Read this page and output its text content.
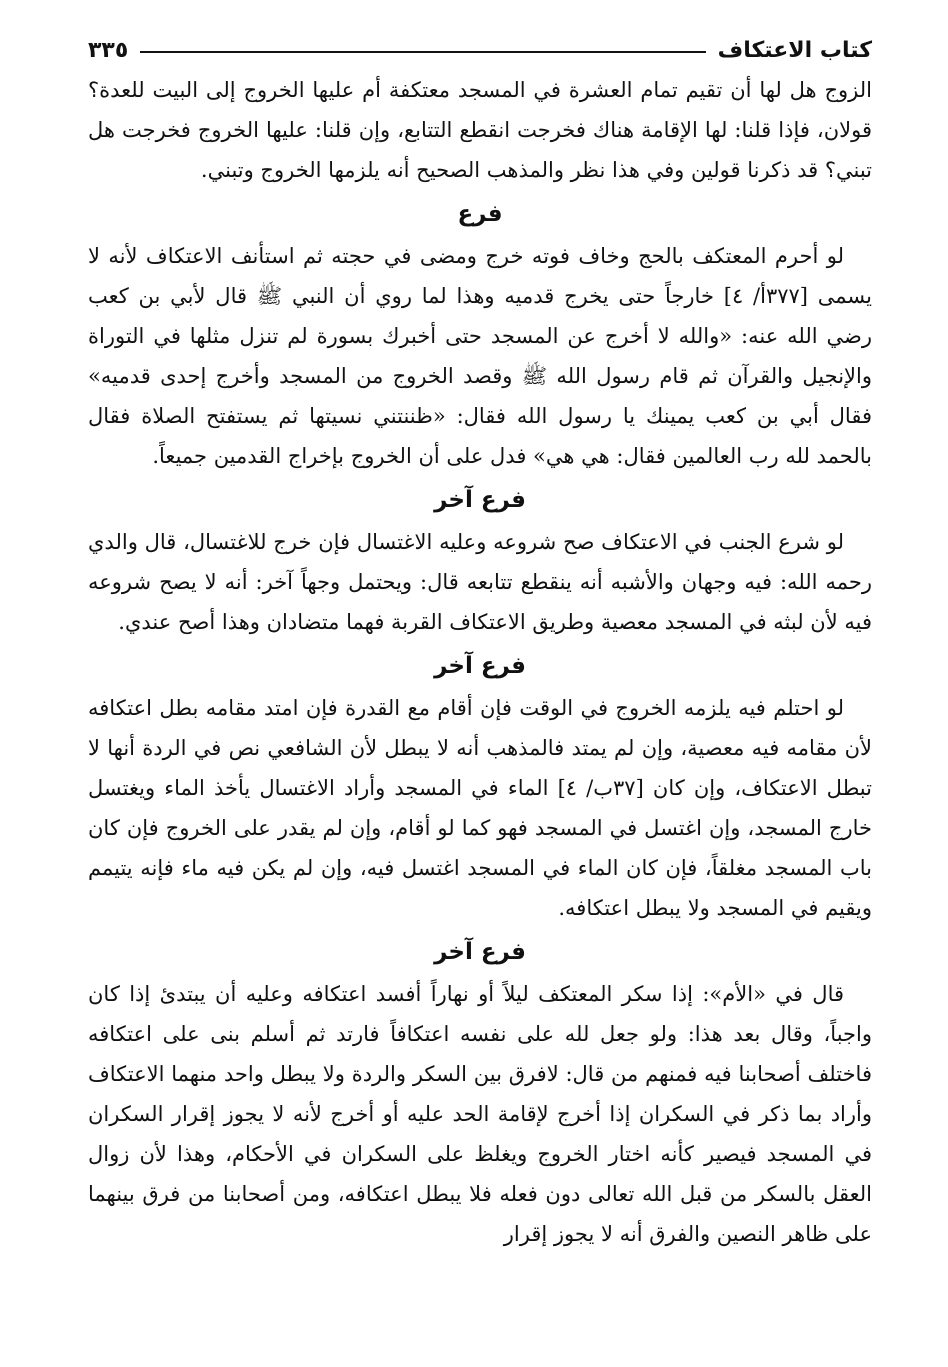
كتاب الاعتكاف
٣٣٥

الزوج هل لها أن تقيم تمام العشرة في المسجد معتكفة أم عليها الخروج إلى البيت للعدة؟ قولان، فإذا قلنا: لها الإقامة هناك فخرجت انقطع التتابع، وإن قلنا: عليها الخروج فخرجت هل تبني؟ قد ذكرنا قولين وفي هذا نظر والمذهب الصحيح أنه يلزمها الخروج وتبني.

فرع

لو أحرم المعتكف بالحج وخاف فوته خرج ومضى في حجته ثم استأنف الاعتكاف لأنه لا يسمى [٣٧٧أ/ ٤] خارجاً حتى يخرج قدميه وهذا لما روي أن النبي ﷺ قال لأبي بن كعب رضي الله عنه: «والله لا أخرج عن المسجد حتى أخبرك بسورة لم تنزل مثلها في التوراة والإنجيل والقرآن ثم قام رسول الله ﷺ وقصد الخروج من المسجد وأخرج إحدى قدميه» فقال أبي بن كعب يمينك يا رسول الله فقال: «ظننتني نسيتها ثم يستفتح الصلاة فقال بالحمد لله رب العالمين فقال: هي هي» فدل على أن الخروج بإخراج القدمين جميعاً.

فرع آخر

لو شرع الجنب في الاعتكاف صح شروعه وعليه الاغتسال فإن خرج للاغتسال، قال والدي رحمه الله: فيه وجهان والأشبه أنه ينقطع تتابعه قال: ويحتمل وجهاً آخر: أنه لا يصح شروعه فيه لأن لبثه في المسجد معصية وطريق الاعتكاف القربة فهما متضادان وهذا أصح عندي.

فرع آخر

لو احتلم فيه يلزمه الخروج في الوقت فإن أقام مع القدرة فإن امتد مقامه بطل اعتكافه لأن مقامه فيه معصية، وإن لم يمتد فالمذهب أنه لا يبطل لأن الشافعي نص في الردة أنها لا تبطل الاعتكاف، وإن كان [٣٧ب/ ٤] الماء في المسجد وأراد الاغتسال يأخذ الماء ويغتسل خارج المسجد، وإن اغتسل في المسجد فهو كما لو أقام، وإن لم يقدر على الخروج فإن كان باب المسجد مغلقاً، فإن كان الماء في المسجد اغتسل فيه، وإن لم يكن فيه ماء فإنه يتيمم ويقيم في المسجد ولا يبطل اعتكافه.

فرع آخر

قال في «الأم»: إذا سكر المعتكف ليلاً أو نهاراً أفسد اعتكافه وعليه أن يبتدئ إذا كان واجباً، وقال بعد هذا: ولو جعل لله على نفسه اعتكافاً فارتد ثم أسلم بنى على اعتكافه فاختلف أصحابنا فيه فمنهم من قال: لافرق بين السكر والردة ولا يبطل واحد منهما الاعتكاف وأراد بما ذكر في السكران إذا أخرج لإقامة الحد عليه أو أخرج لأنه لا يجوز إقرار السكران في المسجد فيصير كأنه اختار الخروج ويغلظ على السكران في الأحكام، وهذا لأن زوال العقل بالسكر من قبل الله تعالى دون فعله فلا يبطل اعتكافه، ومن أصحابنا من فرق بينهما على ظاهر النصين والفرق أنه لا يجوز إقرار
